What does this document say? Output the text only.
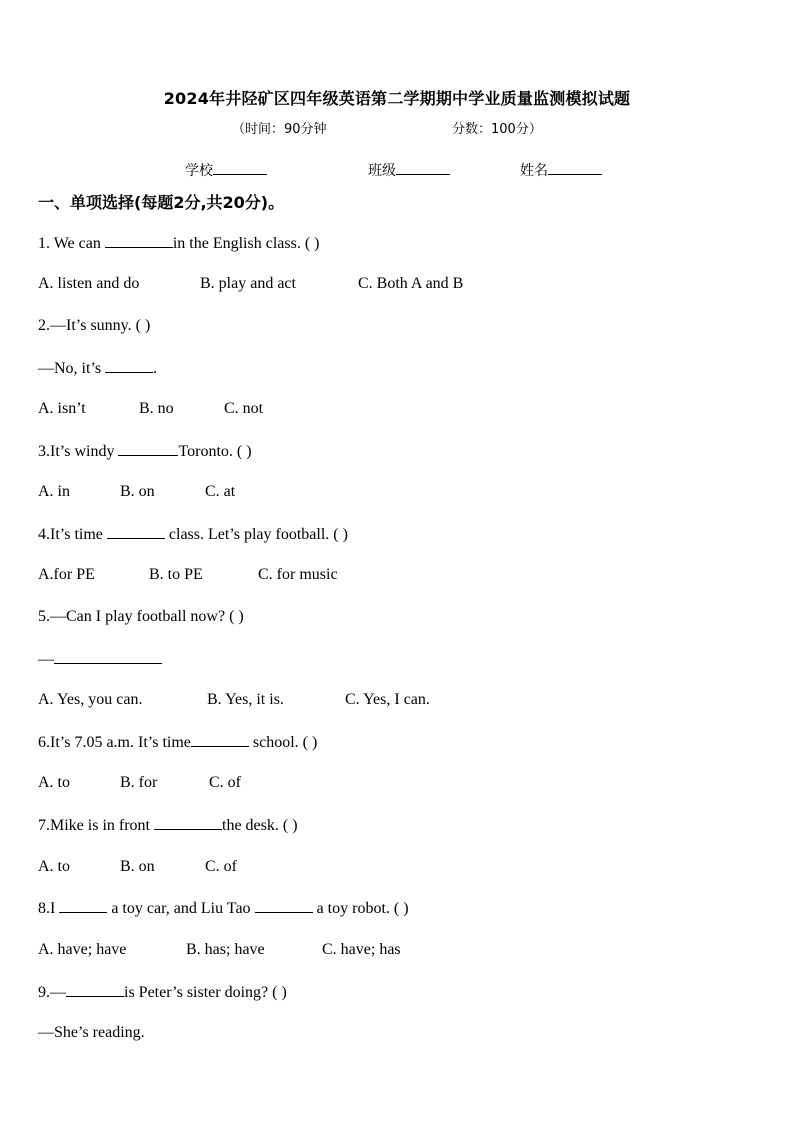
2024年井陉矿区四年级英语第二学期期中学业质量监测模拟试题
（时间：90分钟	分数：100分）
学校	班级	姓名
一、单项选择(每题2分,共20分)。
1. We can	in the English class. ( )
A. listen and do	B. play and act	C. Both A and B
2.—It’s sunny. ( )
—No, it’s	.
A. isn’t	B. no	C. not
3.It’s windy	Toronto. ( )
A. in	B. on	C. at
4.It’s time	class. Let’s play football. ( )
A.for PE	B. to PE	C. for music
5.—Can I play football now? ( )
—
A. Yes, you can.	B. Yes, it is.	C. Yes, I can.
6.It’s 7.05 a.m. It’s time	school. ( )
A. to	B. for	C. of
7.Mike is in front	the desk. ( )
A. to	B. on	C. of
8.I	a toy car, and Liu Tao	a toy robot. ( )
A. have; have	B. has; have	C. have; has
9.—	is Peter’s sister doing? ( )
—She’s reading.
